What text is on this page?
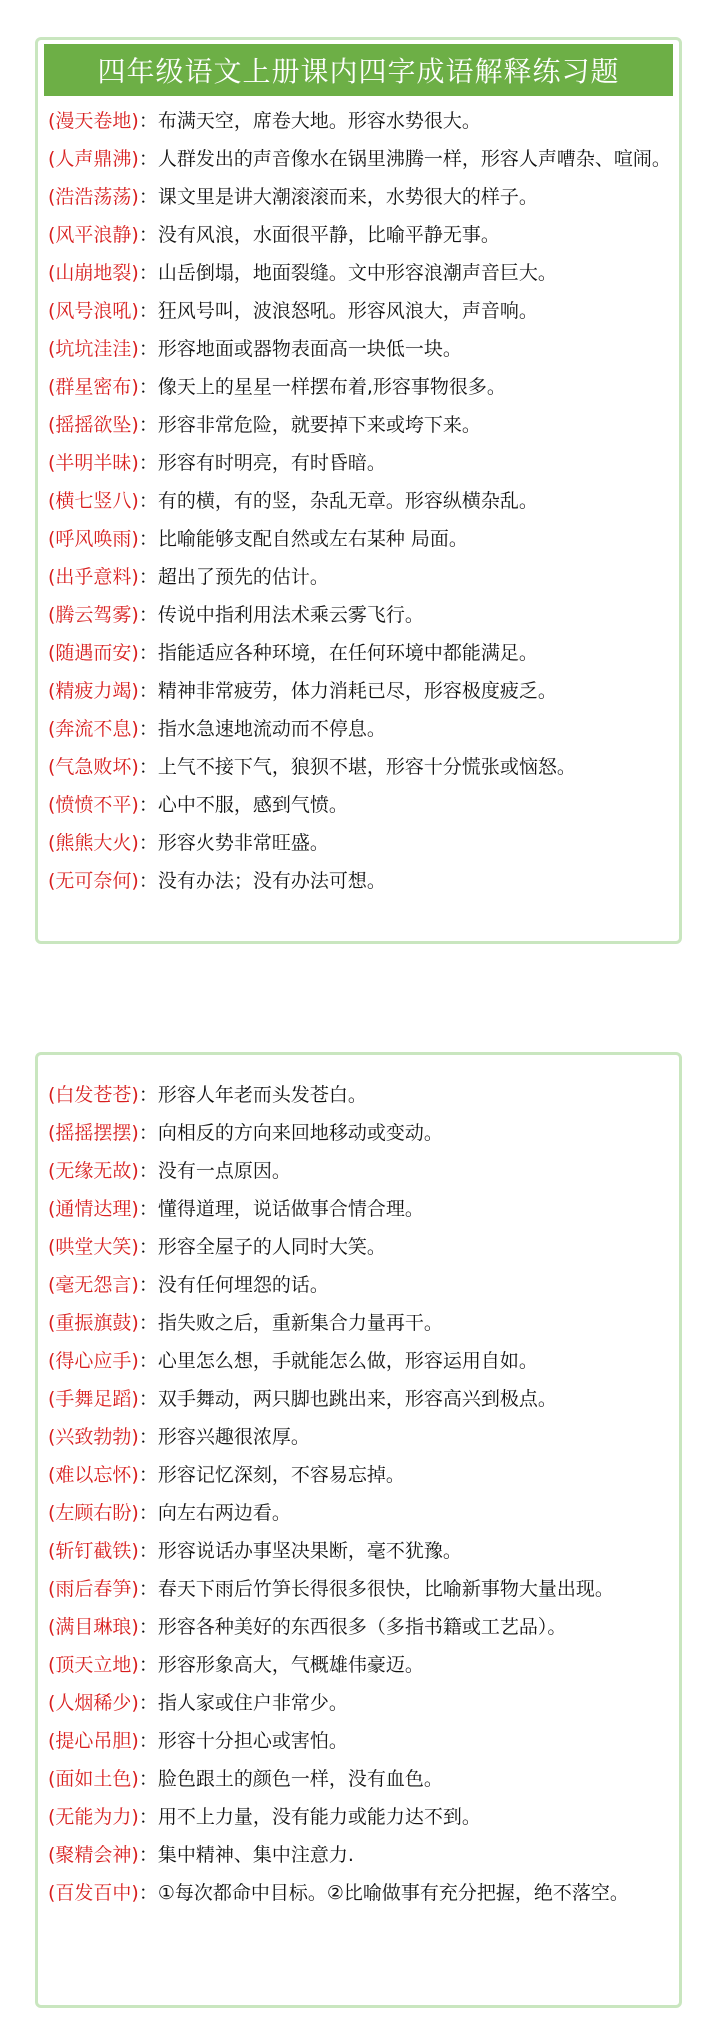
四年级语文上册课内四字成语解释练习题
(漫天卷地)：布满天空，席卷大地。形容水势很大。
(人声鼎沸)：人群发出的声音像水在锅里沸腾一样，形容人声嘈杂、喧闹。
(浩浩荡荡)：课文里是讲大潮滚滚而来，水势很大的样子。
(风平浪静)：没有风浪，水面很平静，比喻平静无事。
(山崩地裂)：山岳倒塌，地面裂缝。文中形容浪潮声音巨大。
(风号浪吼)：狂风号叫，波浪怒吼。形容风浪大，声音响。
(坑坑洼洼)：形容地面或器物表面高一块低一块。
(群星密布)：像天上的星星一样摆布着,形容事物很多。
(摇摇欲坠)：形容非常危险，就要掉下来或垮下来。
(半明半昧)：形容有时明亮，有时昏暗。
(横七竖八)：有的横，有的竖，杂乱无章。形容纵横杂乱。
(呼风唤雨)：比喻能够支配自然或左右某种 局面。
(出乎意料)：超出了预先的估计。
(腾云驾雾)：传说中指利用法术乘云雾飞行。
(随遇而安)：指能适应各种环境，在任何环境中都能满足。
(精疲力竭)：精神非常疲劳，体力消耗已尽，形容极度疲乏。
(奔流不息)：指水急速地流动而不停息。
(气急败坏)：上气不接下气，狼狈不堪，形容十分慌张或恼怒。
(愤愤不平)：心中不服，感到气愤。
(熊熊大火)：形容火势非常旺盛。
(无可奈何)：没有办法；没有办法可想。
(白发苍苍)：形容人年老而头发苍白。
(摇摇摆摆)：向相反的方向来回地移动或变动。
(无缘无故)：没有一点原因。
(通情达理)：懂得道理，说话做事合情合理。
(哄堂大笑)：形容全屋子的人同时大笑。
(毫无怨言)：没有任何埋怨的话。
(重振旗鼓)：指失败之后，重新集合力量再干。
(得心应手)：心里怎么想，手就能怎么做，形容运用自如。
(手舞足蹈)：双手舞动，两只脚也跳出来，形容高兴到极点。
(兴致勃勃)：形容兴趣很浓厚。
(难以忘怀)：形容记忆深刻，不容易忘掉。
(左顾右盼)：向左右两边看。
(斩钉截铁)：形容说话办事坚决果断，毫不犹豫。
(雨后春笋)：春天下雨后竹笋长得很多很快，比喻新事物大量出现。
(满目琳琅)：形容各种美好的东西很多（多指书籍或工艺品）。
(顶天立地)：形容形象高大，气概雄伟豪迈。
(人烟稀少)：指人家或住户非常少。
(提心吊胆)：形容十分担心或害怕。
(面如土色)：脸色跟土的颜色一样，没有血色。
(无能为力)：用不上力量，没有能力或能力达不到。
(聚精会神)：集中精神、集中注意力.
(百发百中)：①每次都命中目标。②比喻做事有充分把握，绝不落空。
